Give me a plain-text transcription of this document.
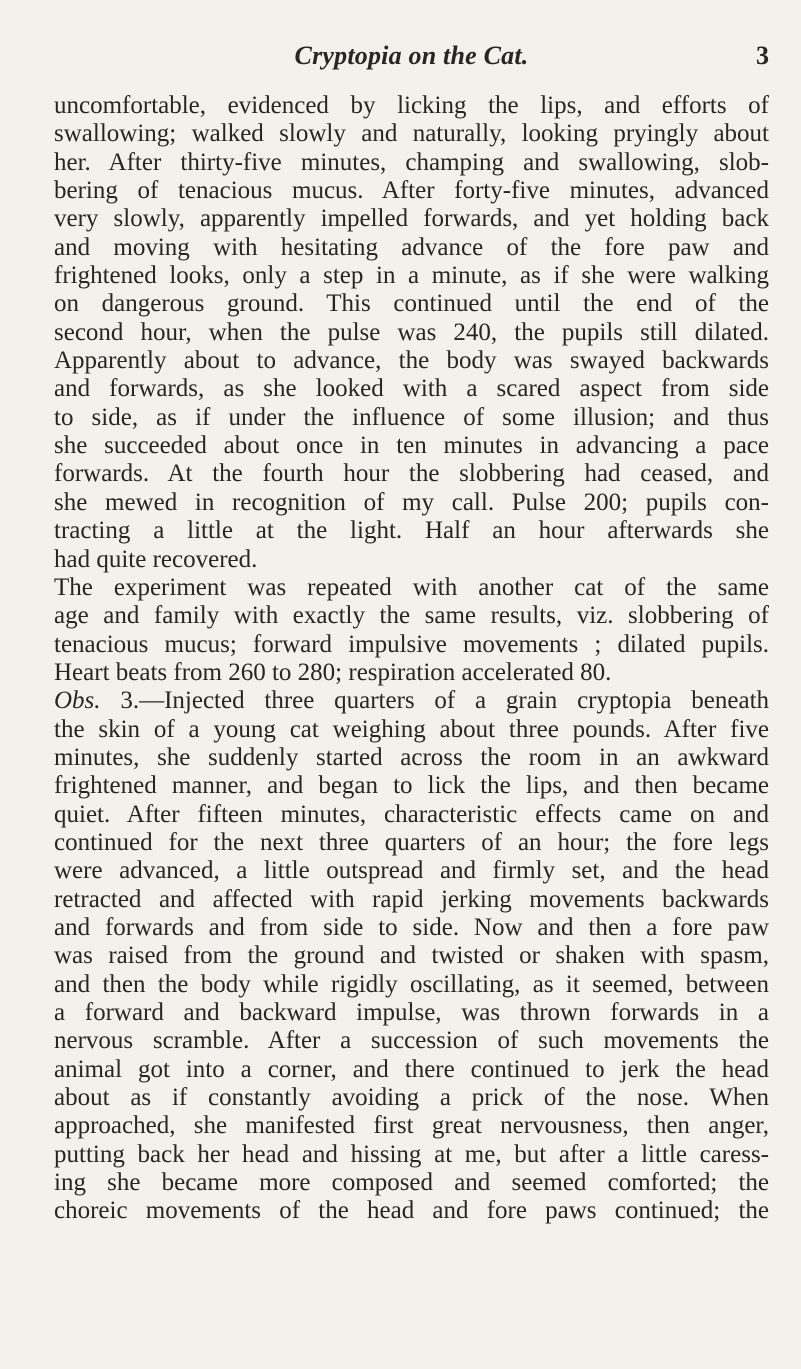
Cryptopia on the Cat.	3
uncomfortable, evidenced by licking the lips, and efforts of
swallowing; walked slowly and naturally, looking pryingly about
her. After thirty-five minutes, champing and swallowing, slob-
bering of tenacious mucus. After forty-five minutes, advanced
very slowly, apparently impelled forwards, and yet holding back
and moving with hesitating advance of the fore paw and
frightened looks, only a step in a minute, as if she were walking
on dangerous ground. This continued until the end of the
second hour, when the pulse was 240, the pupils still dilated.
Apparently about to advance, the body was swayed backwards
and forwards, as she looked with a scared aspect from side
to side, as if under the influence of some illusion; and thus
she succeeded about once in ten minutes in advancing a pace
forwards. At the fourth hour the slobbering had ceased, and
she mewed in recognition of my call. Pulse 200; pupils con-
tracting a little at the light. Half an hour afterwards she
had quite recovered.
The experiment was repeated with another cat of the same
age and family with exactly the same results, viz. slobbering of
tenacious mucus; forward impulsive movements ; dilated pupils.
Heart beats from 260 to 280; respiration accelerated 80.
Obs. 3.—Injected three quarters of a grain cryptopia beneath
the skin of a young cat weighing about three pounds. After five
minutes, she suddenly started across the room in an awkward
frightened manner, and began to lick the lips, and then became
quiet. After fifteen minutes, characteristic effects came on and
continued for the next three quarters of an hour; the fore legs
were advanced, a little outspread and firmly set, and the head
retracted and affected with rapid jerking movements backwards
and forwards and from side to side. Now and then a fore paw
was raised from the ground and twisted or shaken with spasm,
and then the body while rigidly oscillating, as it seemed, between
a forward and backward impulse, was thrown forwards in a
nervous scramble. After a succession of such movements the
animal got into a corner, and there continued to jerk the head
about as if constantly avoiding a prick of the nose. When
approached, she manifested first great nervousness, then anger,
putting back her head and hissing at me, but after a little caress-
ing she became more composed and seemed comforted; the
choreic movements of the head and fore paws continued; the
